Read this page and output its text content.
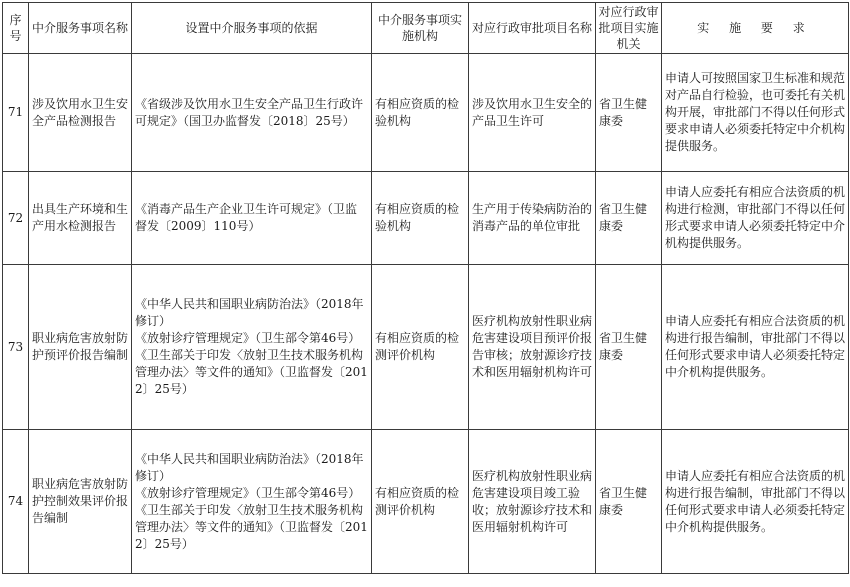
序号	中介服务事项名称	设置中介服务事项的依据	中介服务事项实施机构	对应行政审批项目名称	对应行政审批项目实施机关	实 施 要 求
71	涉及饮用水卫生安全产品检测报告	《省级涉及饮用水卫生安全产品卫生行政许可规定》（国卫办监督发〔2018〕25号）	有相应资质的检验机构	涉及饮用水卫生安全的产品卫生许可	省卫生健康委	申请人可按照国家卫生标准和规范对产品自行检验，也可委托有关机构开展，审批部门不得以任何形式要求申请人必须委托特定中介机构提供服务。
72	出具生产环境和生产用水检测报告	《消毒产品生产企业卫生许可规定》（卫监督发〔2009〕110号）	有相应资质的检验机构	生产用于传染病防治的消毒产品的单位审批	省卫生健康委	申请人应委托有相应合法资质的机构进行检测，审批部门不得以任何形式要求申请人必须委托特定中介机构提供服务。
73	职业病危害放射防护预评价报告编制	《中华人民共和国职业病防治法》（2018年修订）
《放射诊疗管理规定》（卫生部令第46号）
《卫生部关于印发〈放射卫生技术服务机构管理办法〉等文件的通知》（卫监督发〔2012〕25号）	有相应资质的检测评价机构	医疗机构放射性职业病危害建设项目预评价报告审核；放射源诊疗技术和医用辐射机构许可	省卫生健康委	申请人应委托有相应合法资质的机构进行报告编制，审批部门不得以任何形式要求申请人必须委托特定中介机构提供服务。
74	职业病危害放射防护控制效果评价报告编制	《中华人民共和国职业病防治法》（2018年修订）
《放射诊疗管理规定》（卫生部令第46号）
《卫生部关于印发〈放射卫生技术服务机构管理办法〉等文件的通知》（卫监督发〔2012〕25号）	有相应资质的检测评价机构	医疗机构放射性职业病危害建设项目竣工验收；放射源诊疗技术和医用辐射机构许可	省卫生健康委	申请人应委托有相应合法资质的机构进行报告编制，审批部门不得以任何形式要求申请人必须委托特定中介机构提供服务。
